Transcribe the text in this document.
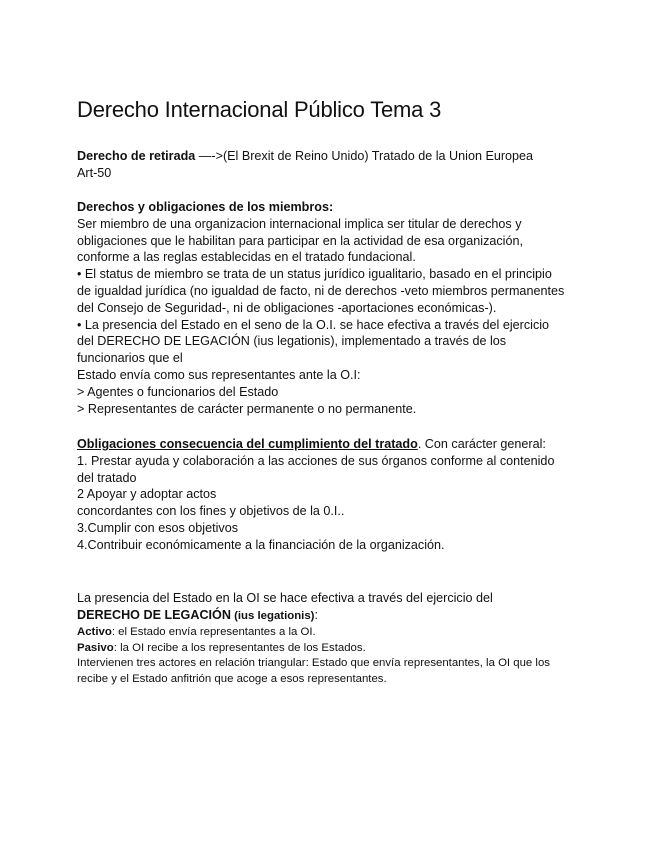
Derecho Internacional Público Tema 3

Derecho de retirada —->(El Brexit de Reino Unido) Tratado de la Union Europea

Art-50

Derechos y obligaciones de los miembros:

Ser miembro de una organizacion internacional implica ser titular de derechos y

obligaciones que le habilitan para participar en la actividad de esa organización,

conforme a las reglas establecidas en el tratado fundacional.

• El status de miembro se trata de un status jurídico igualitario, basado en el principio

de igualdad jurídica (no igualdad de facto, ni de derechos -veto miembros permanentes

del Consejo de Seguridad-, ni de obligaciones -aportaciones económicas-).

• La presencia del Estado en el seno de la O.I. se hace efectiva a través del ejercicio

del DERECHO DE LEGACIÓN (ius legationis), implementado a través de los

funcionarios que el

Estado envía como sus representantes ante la O.I:

> Agentes o funcionarios del Estado

> Representantes de carácter permanente o no permanente.

Obligaciones consecuencia del cumplimiento del tratado. Con carácter general:

1. Prestar ayuda y colaboración a las acciones de sus órganos conforme al contenido

del tratado

2 Apoyar y adoptar actos

concordantes con los fines y objetivos de la 0.I..

3.Cumplir con esos objetivos

4.Contribuir económicamente a la financiación de la organización.

La presencia del Estado en la OI se hace efectiva a través del ejercicio del

DERECHO DE LEGACIÓN (ius legationis):

Activo: el Estado envía representantes a la OI.

Pasivo: la OI recibe a los representantes de los Estados.

Intervienen tres actores en relación triangular: Estado que envía representantes, la OI que los

recibe y el Estado anfitrión que acoge a esos representantes.
